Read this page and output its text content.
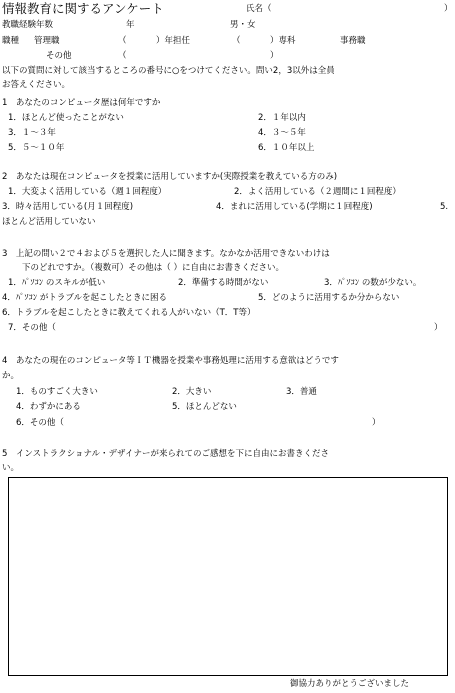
情報教育に関するアンケート	氏名（	）
教職経験年数	年	男・女
職種 管理職	（	）年担任	（	）専科	事務職
その他	（	）
以下の質問に対して該当するところの番号に○をつけてください。問い2，3以外は全員
お答えください。
1　あなたのコンピュータ歴は何年ですか
1．ほとんど使ったことがない	2．１年以内
3．１〜３年	4．３〜５年
5．５〜１０年	6．１０年以上
2　あなたは現在コンピュータを授業に活用していますか(実際授業を教えている方のみ)
1．大変よく活用している（週１回程度）	2．よく活用している（２週間に１回程度）
3．時々活用している(月１回程度)	4．まれに活用している(学期に１回程度)	5.
ほとんど活用していない
3　上記の問い２で４および５を選択した人に聞きます。なかなか活用できないわけは
下のどれですか。（複数可）その他は（ ）に自由にお書きください。
1．ﾊﾟｿｺﾝ のスキルが低い	2．準備する時間がない	3．ﾊﾟｿｺﾝ の数が少ない。
4．ﾊﾟｿｺﾝ がトラブルを起こしたときに困る	5．どのように活用するか分からない
6．トラブルを起こしたときに教えてくれる人がいない（T．T等）
7．その他（	）
4　あなたの現在のコンピュータ等ＩＴ機器を授業や事務処理に活用する意欲はどうです
か。
1．ものすごく大きい	2．大きい	3．普通
4．わずかにある	5．ほとんどない
6．その他（	）
5　インストラクショナル・デザイナーが来られてのご感想を下に自由にお書きくださ
い。
御協力ありがとうございました
